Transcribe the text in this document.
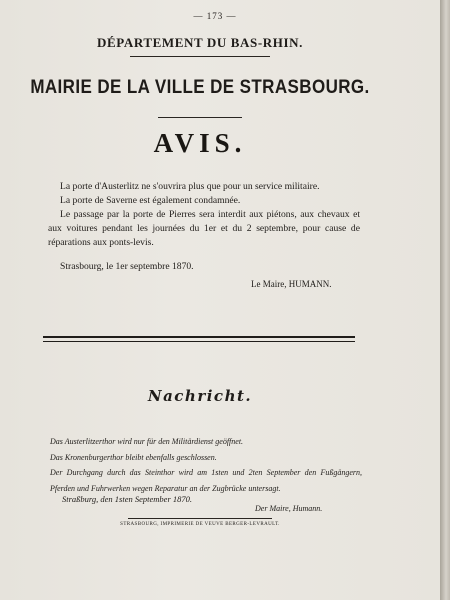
— 173 —
DÉPARTEMENT DU BAS-RHIN.
MAIRIE DE LA VILLE DE STRASBOURG.
AVIS.

La porte d'Austerlitz ne s'ouvrira plus que pour un service militaire.

La porte de Saverne est également condamnée.

Le passage par la porte de Pierres sera interdit aux piétons, aux chevaux et aux voitures pendant les journées du 1er et du 2 septembre, pour cause de réparations aux ponts-levis.

Strasbourg, le 1er septembre 1870.
Le Maire, HUMANN.
Nachricht.

Das Austerlitzerthor wird nur für den Militärdienst geöffnet.

Das Kronenburgerthor bleibt ebenfalls geschlossen.

Der Durchgang durch das Steinthor wird am 1sten und 2ten September den Fußgängern, Pferden und Fuhrwerken wegen Reparatur an der Zugbrücke untersagt.

Straßburg, den 1sten September 1870.
Der Maire, Humann.
STRASBOURG, IMPRIMERIE DE VEUVE BERGER-LEVRAULT.
